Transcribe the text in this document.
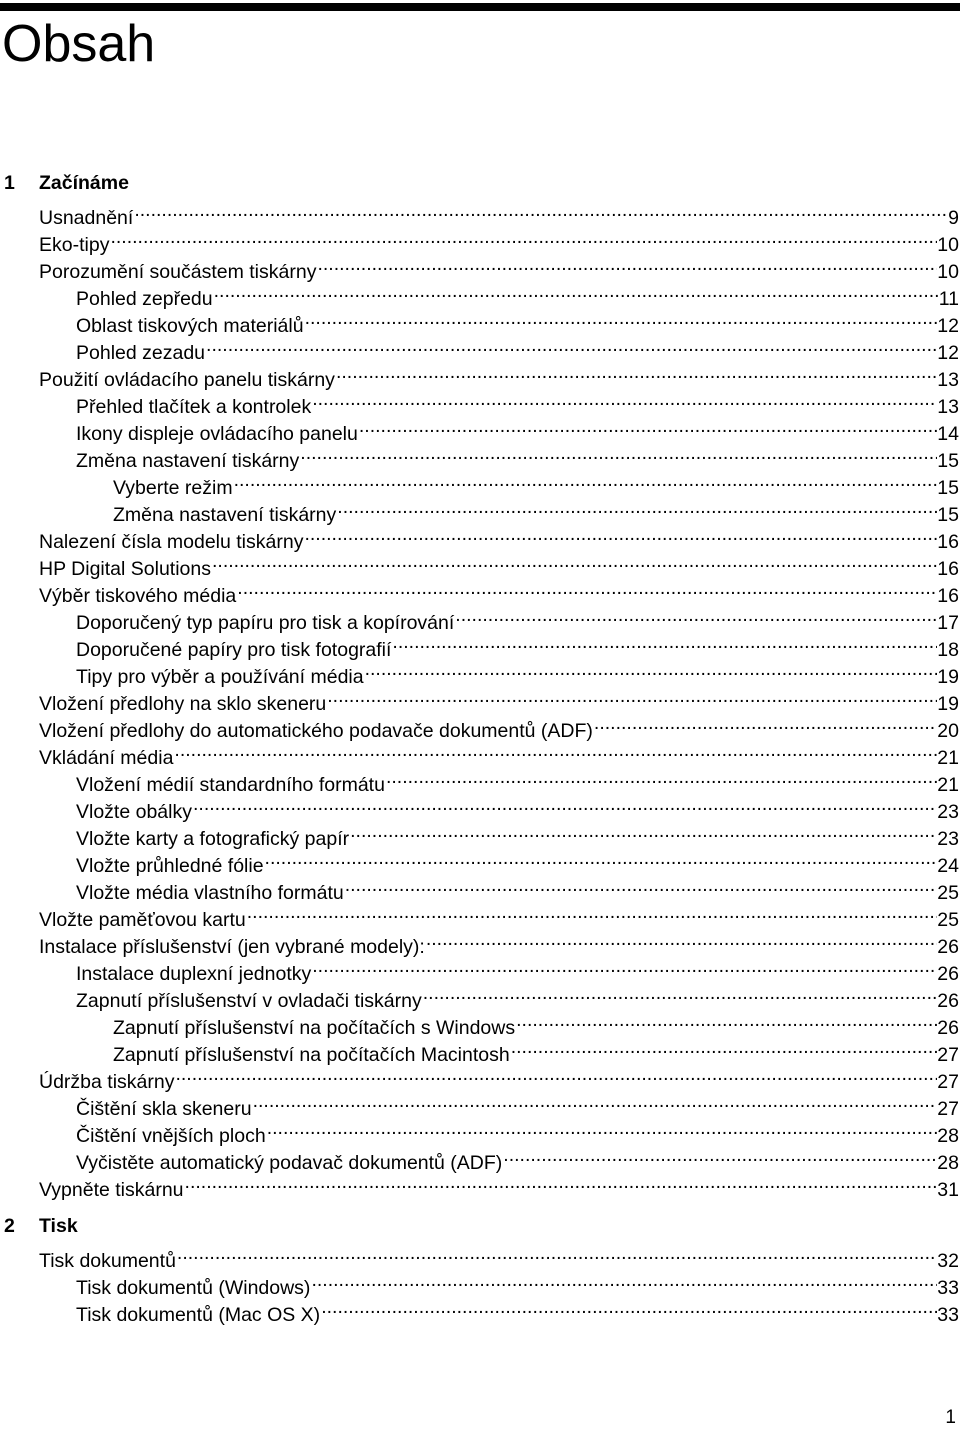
Obsah
1 Začínáme
Usnadnění .....	9
Eko-tipy .....	10
Porozumění součástem tiskárny .....	10
Pohled zepředu .....	11
Oblast tiskových materiálů .....	12
Pohled zezadu .....	12
Použití ovládacího panelu tiskárny .....	13
Přehled tlačítek a kontrolek .....	13
Ikony displeje ovládacího panelu .....	14
Změna nastavení tiskárny .....	15
Vyberte režim .....	15
Změna nastavení tiskárny .....	15
Nalezení čísla modelu tiskárny .....	16
HP Digital Solutions .....	16
Výběr tiskového média .....	16
Doporučený typ papíru pro tisk a kopírování .....	17
Doporučené papíry pro tisk fotografií .....	18
Tipy pro výběr a používání média .....	19
Vložení předlohy na sklo skeneru .....	19
Vložení předlohy do automatického podavače dokumentů (ADF) .....	20
Vkládání média .....	21
Vložení médií standardního formátu .....	21
Vložte obálky .....	23
Vložte karty a fotografický papír .....	23
Vložte průhledné fólie .....	24
Vložte média vlastního formátu .....	25
Vložte paměťovou kartu .....	25
Instalace příslušenství (jen vybrané modely): .....	26
Instalace duplexní jednotky .....	26
Zapnutí příslušenství v ovladači tiskárny .....	26
Zapnutí příslušenství na počítačích s Windows .....	26
Zapnutí příslušenství na počítačích Macintosh .....	27
Údržba tiskárny .....	27
Čištění skla skeneru .....	27
Čištění vnějších ploch .....	28
Vyčistěte automatický podavač dokumentů (ADF) .....	28
Vypněte tiskárnu .....	31
2 Tisk
Tisk dokumentů .....	32
Tisk dokumentů (Windows) .....	33
Tisk dokumentů (Mac OS X) .....	33
1
